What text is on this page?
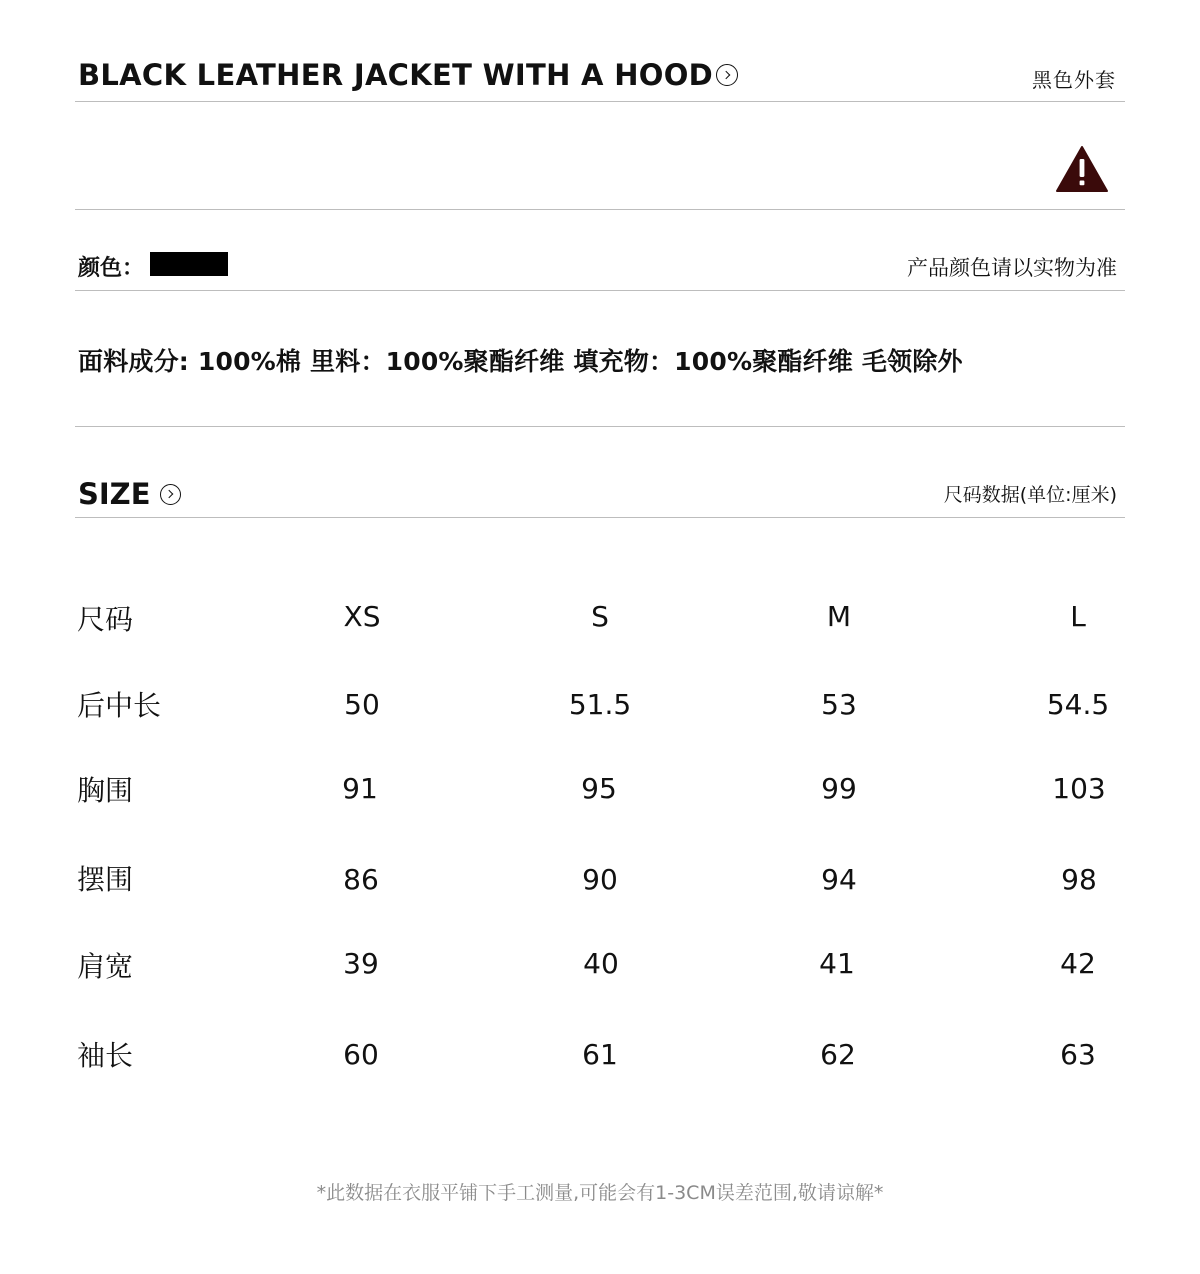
BLACK LEATHER JACKET WITH A HOOD	黑色外套
颜色：	产品颜色请以实物为准
面料成分: 100%棉 里料：100%聚酯纤维 填充物：100%聚酯纤维 毛领除外
SIZE	尺码数据(单位:厘米)
尺码	XS	S	M	L
后中长	50	51.5	53	54.5
胸围	91	95	99	103
摆围	86	90	94	98
肩宽	39	40	41	42
袖长	60	61	62	63
*此数据在衣服平铺下手工测量,可能会有1-3CM误差范围,敬请谅解*
